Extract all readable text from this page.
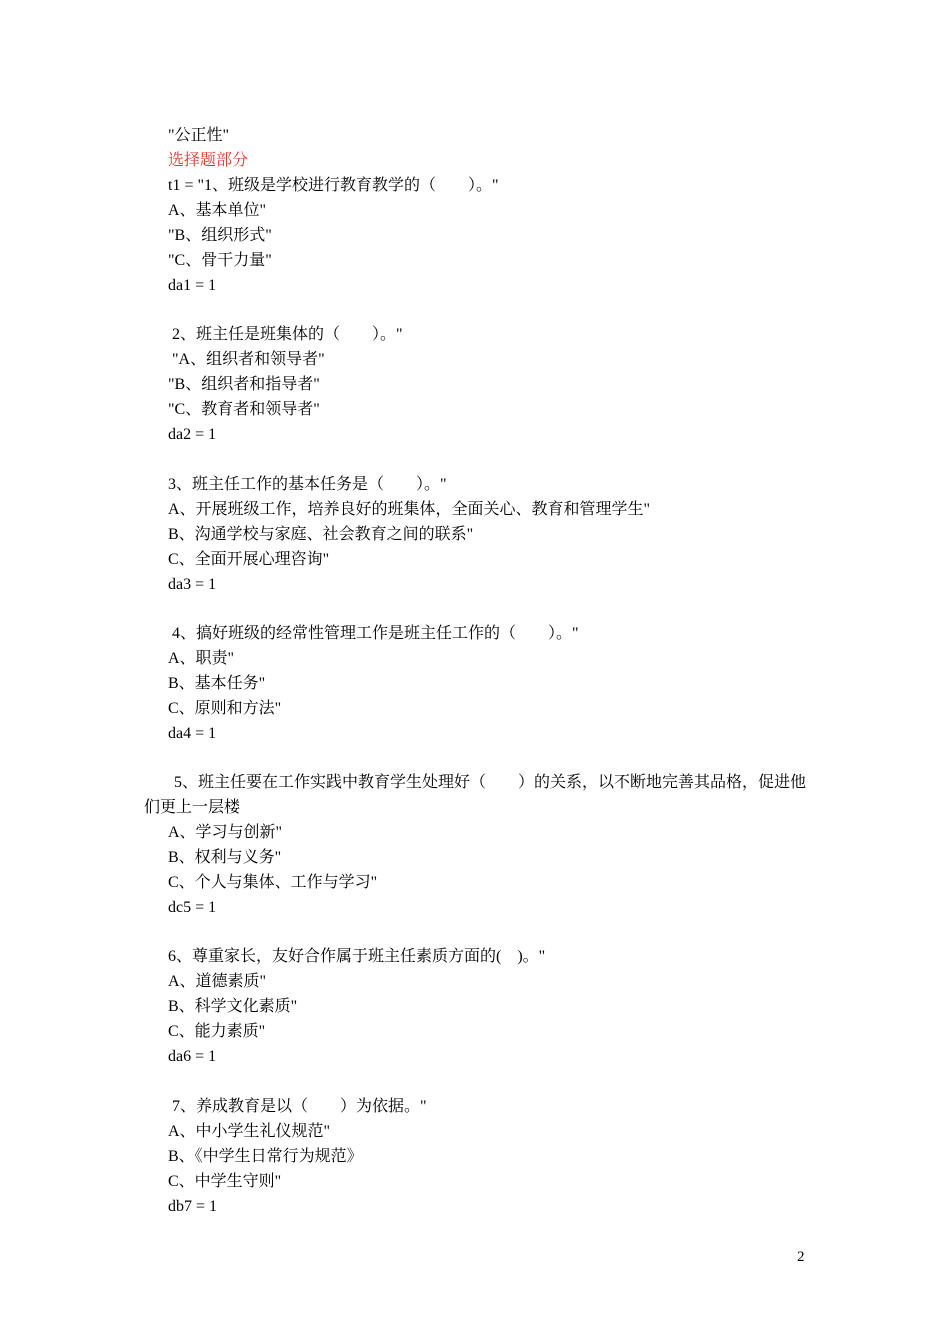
"公正性"
选择题部分
t1 = "1、班级是学校进行教育教学的（        ）。"
A、基本单位"
"B、组织形式"
"C、骨干力量"
da1 = 1
2、班主任是班集体的（        ）。"
"A、组织者和领导者"
"B、组织者和指导者"
"C、教育者和领导者"
da2 = 1
3、班主任工作的基本任务是（        ）。"
A、开展班级工作，培养良好的班集体，全面关心、教育和管理学生"
B、沟通学校与家庭、社会教育之间的联系"
C、全面开展心理咨询"
da3 = 1
4、搞好班级的经常性管理工作是班主任工作的（        ）。"
A、职责"
B、基本任务"
C、原则和方法"
da4 = 1
5、班主任要在工作实践中教育学生处理好（        ）的关系，以不断地完善其品格，促进他
们更上一层楼
A、学习与创新"
B、权利与义务"
C、个人与集体、工作与学习"
dc5 = 1
6、尊重家长，友好合作属于班主任素质方面的(    )。"
A、道德素质"
B、科学文化素质"
C、能力素质"
da6 = 1
7、养成教育是以（        ）为依据。"
A、中小学生礼仪规范"
B、《中学生日常行为规范》
C、中学生守则"
db7 = 1
2
